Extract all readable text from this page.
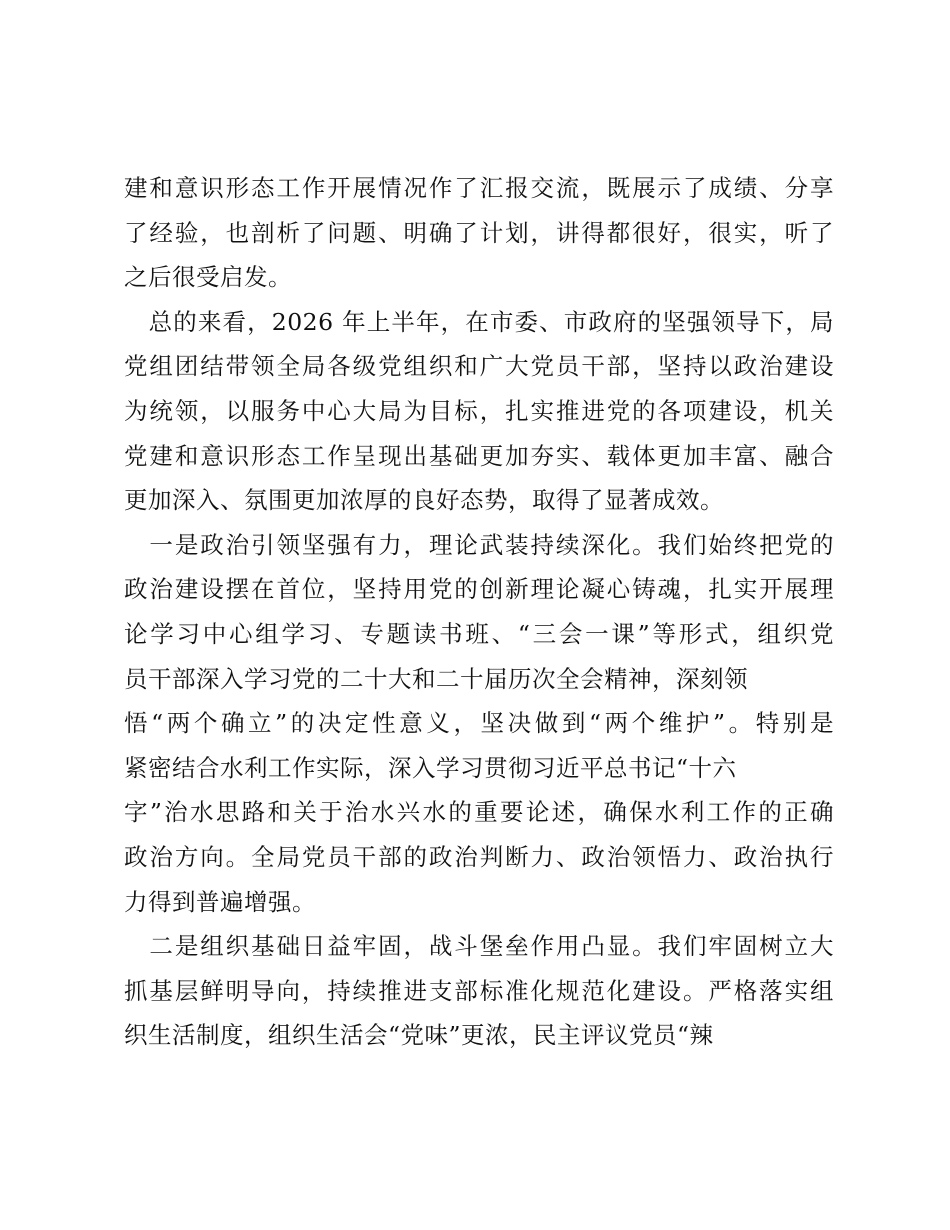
建和意识形态工作开展情况作了汇报交流，既展示了成绩、分享
了经验，也剖析了问题、明确了计划，讲得都很好，很实，听了
之后很受启发。
　总的来看，2026 年上半年，在市委、市政府的坚强领导下，局
党组团结带领全局各级党组织和广大党员干部，坚持以政治建设
为统领，以服务中心大局为目标，扎实推进党的各项建设，机关
党建和意识形态工作呈现出基础更加夯实、载体更加丰富、融合
更加深入、氛围更加浓厚的良好态势，取得了显著成效。
　一是政治引领坚强有力，理论武装持续深化。我们始终把党的
政治建设摆在首位，坚持用党的创新理论凝心铸魂，扎实开展理
论学习中心组学习、专题读书班、“三会一课”等形式，组织党
员干部深入学习党的二十大和二十届历次全会精神，深刻领
悟“两个确立”的决定性意义，坚决做到“两个维护”。特别是
紧密结合水利工作实际，深入学习贯彻习近平总书记“十六
字”治水思路和关于治水兴水的重要论述，确保水利工作的正确
政治方向。全局党员干部的政治判断力、政治领悟力、政治执行
力得到普遍增强。
　二是组织基础日益牢固，战斗堡垒作用凸显。我们牢固树立大
抓基层鲜明导向，持续推进支部标准化规范化建设。严格落实组
织生活制度，组织生活会“党味”更浓，民主评议党员“辣
